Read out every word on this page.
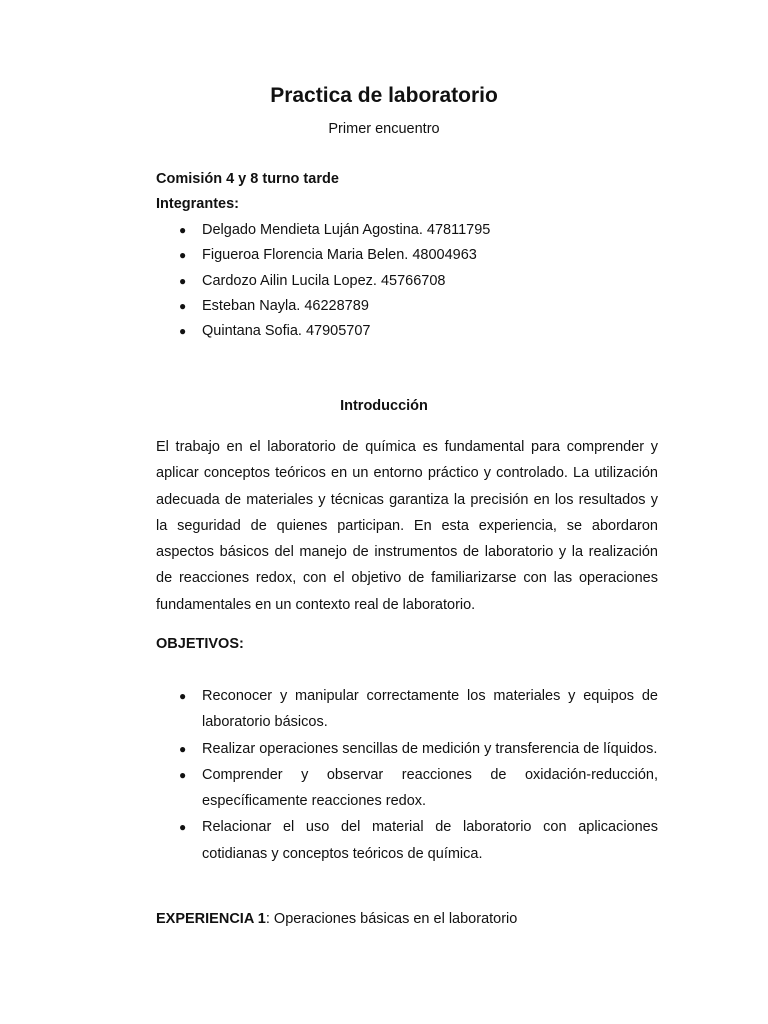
Practica de laboratorio

Primer encuentro

Comisión 4 y 8 turno tarde

Integrantes:

● Delgado Mendieta Luján Agostina. 47811795
● Figueroa Florencia Maria Belen. 48004963
● Cardozo Ailin Lucila Lopez. 45766708
● Esteban Nayla. 46228789
● Quintana Sofia. 47905707
Introducción

El trabajo en el laboratorio de química es fundamental para comprender y aplicar conceptos teóricos en un entorno práctico y controlado. La utilización adecuada de materiales y técnicas garantiza la precisión en los resultados y la seguridad de quienes participan. En esta experiencia, se abordaron aspectos básicos del manejo de instrumentos de laboratorio y la realización de reacciones redox, con el objetivo de familiarizarse con las operaciones fundamentales en un contexto real de laboratorio.

OBJETIVOS:
● Reconocer y manipular correctamente los materiales y equipos de laboratorio básicos.
● Realizar operaciones sencillas de medición y transferencia de líquidos.
● Comprender y observar reacciones de oxidación-reducción, específicamente reacciones redox.
● Relacionar el uso del material de laboratorio con aplicaciones cotidianas y conceptos teóricos de química.

EXPERIENCIA 1: Operaciones básicas en el laboratorio
